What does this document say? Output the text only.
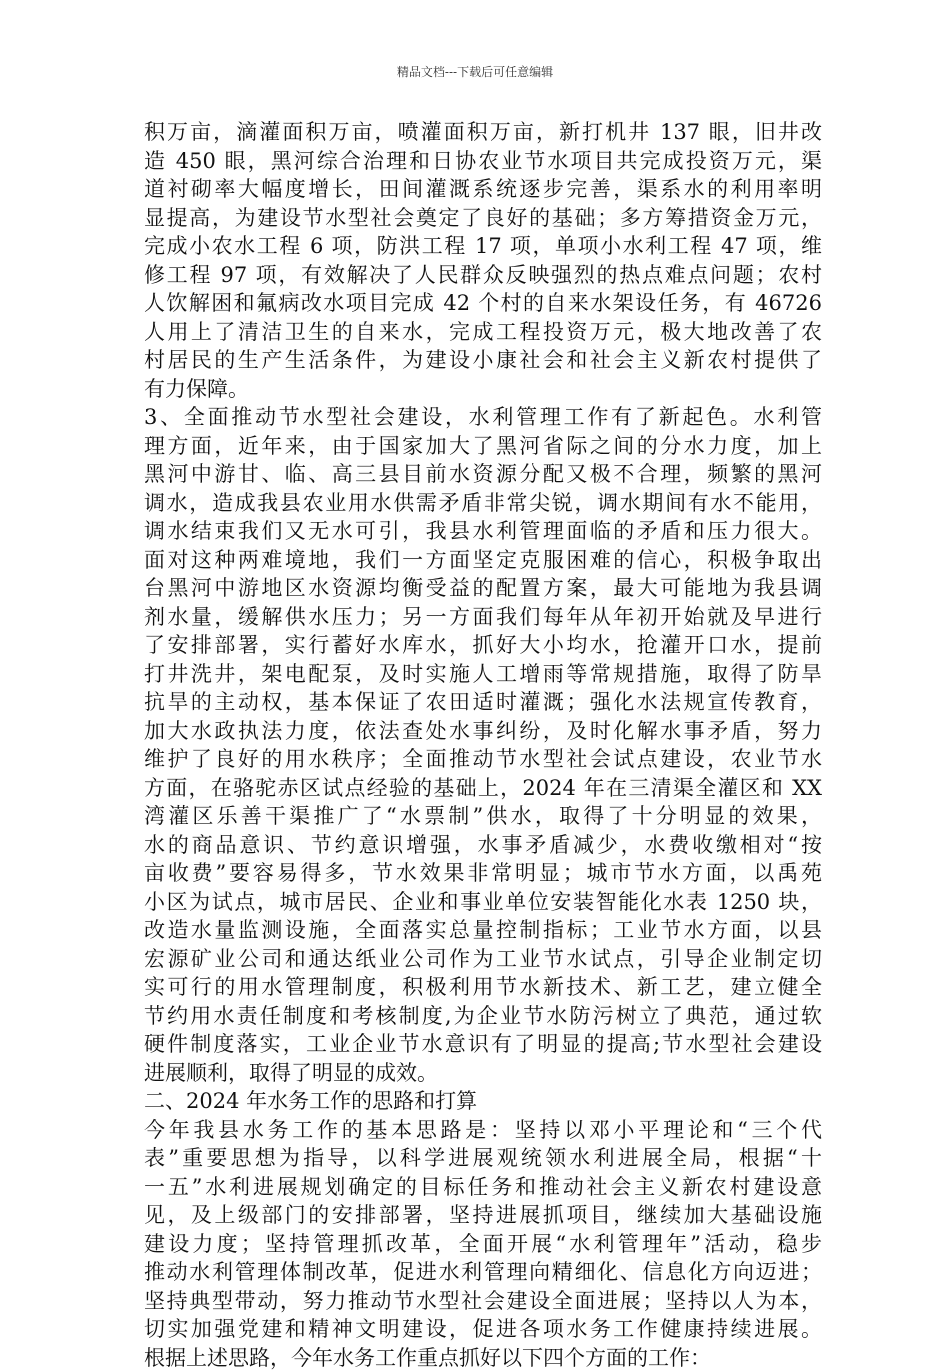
精品文档---下载后可任意编辑
积万亩，滴灌面积万亩，喷灌面积万亩，新打机井 137 眼，旧井改
造 450 眼，黑河综合治理和日协农业节水项目共完成投资万元，渠
道衬砌率大幅度增长，田间灌溉系统逐步完善，渠系水的利用率明
显提高，为建设节水型社会奠定了良好的基础；多方筹措资金万元，
完成小农水工程 6 项，防洪工程 17 项，单项小水利工程 47 项，维
修工程 97 项，有效解决了人民群众反映强烈的热点难点问题；农村
人饮解困和氟病改水项目完成 42 个村的自来水架设任务，有 46726
人用上了清洁卫生的自来水，完成工程投资万元，极大地改善了农
村居民的生产生活条件，为建设小康社会和社会主义新农村提供了
有力保障。
3、全面推动节水型社会建设，水利管理工作有了新起色。水利管
理方面，近年来，由于国家加大了黑河省际之间的分水力度，加上
黑河中游甘、临、高三县目前水资源分配又极不合理，频繁的黑河
调水，造成我县农业用水供需矛盾非常尖锐，调水期间有水不能用，
调水结束我们又无水可引，我县水利管理面临的矛盾和压力很大。
面对这种两难境地，我们一方面坚定克服困难的信心，积极争取出
台黑河中游地区水资源均衡受益的配置方案，最大可能地为我县调
剂水量，缓解供水压力；另一方面我们每年从年初开始就及早进行
了安排部署，实行蓄好水库水，抓好大小均水，抢灌开口水，提前
打井洗井，架电配泵，及时实施人工增雨等常规措施，取得了防旱
抗旱的主动权，基本保证了农田适时灌溉；强化水法规宣传教育，
加大水政执法力度，依法查处水事纠纷，及时化解水事矛盾，努力
维护了良好的用水秩序；全面推动节水型社会试点建设，农业节水
方面，在骆驼赤区试点经验的基础上，2024 年在三清渠全灌区和 XX
湾灌区乐善干渠推广了“水票制”供水，取得了十分明显的效果，
水的商品意识、节约意识增强，水事矛盾减少，水费收缴相对“按
亩收费”要容易得多，节水效果非常明显；城市节水方面，以禹苑
小区为试点，城市居民、企业和事业单位安装智能化水表 1250 块，
改造水量监测设施，全面落实总量控制指标；工业节水方面，以县
宏源矿业公司和通达纸业公司作为工业节水试点，引导企业制定切
实可行的用水管理制度，积极利用节水新技术、新工艺，建立健全
节约用水责任制度和考核制度,为企业节水防污树立了典范，通过软
硬件制度落实，工业企业节水意识有了明显的提高;节水型社会建设
进展顺利，取得了明显的成效。
二、2024 年水务工作的思路和打算
今年我县水务工作的基本思路是：坚持以邓小平理论和“三个代
表”重要思想为指导，以科学进展观统领水利进展全局，根据“十
一五”水利进展规划确定的目标任务和推动社会主义新农村建设意
见，及上级部门的安排部署，坚持进展抓项目，继续加大基础设施
建设力度；坚持管理抓改革，全面开展“水利管理年”活动，稳步
推动水利管理体制改革，促进水利管理向精细化、信息化方向迈进；
坚持典型带动，努力推动节水型社会建设全面进展；坚持以人为本，
切实加强党建和精神文明建设，促进各项水务工作健康持续进展。
根据上述思路，今年水务工作重点抓好以下四个方面的工作：
